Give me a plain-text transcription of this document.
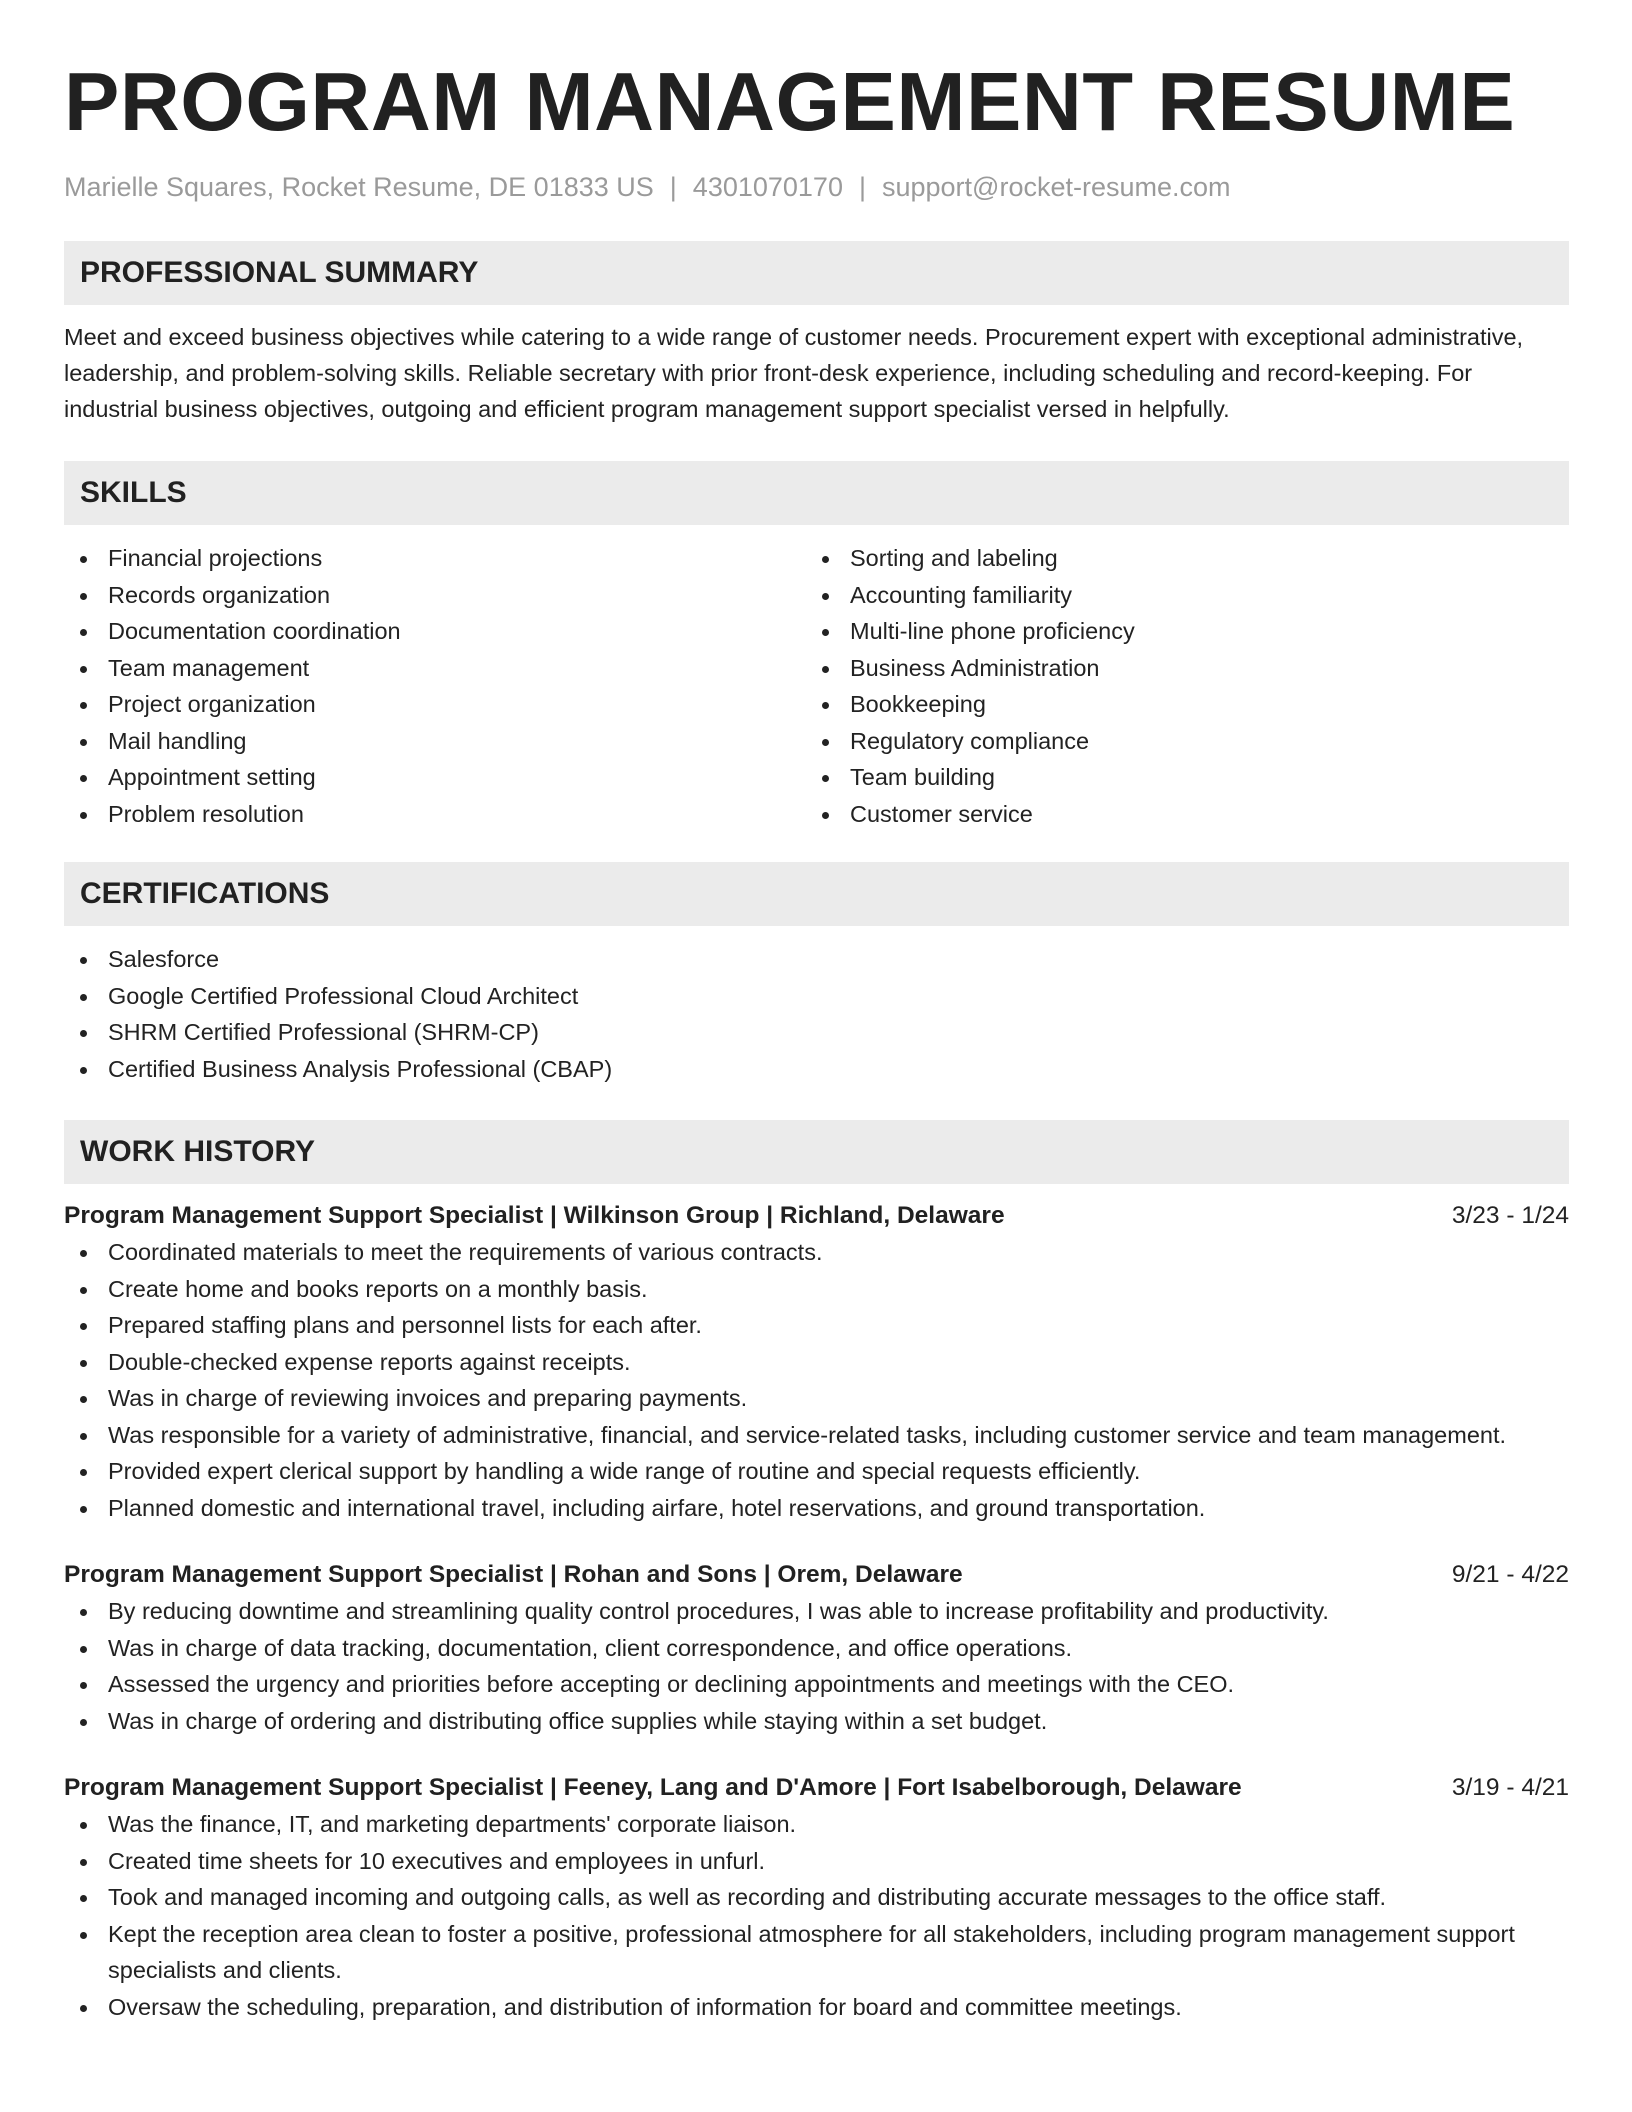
PROGRAM MANAGEMENT RESUME
Marielle Squares, Rocket Resume, DE 01833 US | 4301070170 | support@rocket-resume.com
PROFESSIONAL SUMMARY

Meet and exceed business objectives while catering to a wide range of customer needs. Procurement expert with exceptional administrative, leadership, and problem-solving skills. Reliable secretary with prior front-desk experience, including scheduling and record-keeping. For industrial business objectives, outgoing and efficient program management support specialist versed in helpfully.

SKILLS
Financial projections
Records organization
Documentation coordination
Team management
Project organization
Mail handling
Appointment setting
Problem resolution
Sorting and labeling
Accounting familiarity
Multi-line phone proficiency
Business Administration
Bookkeeping
Regulatory compliance
Team building
Customer service
CERTIFICATIONS
Salesforce
Google Certified Professional Cloud Architect
SHRM Certified Professional (SHRM-CP)
Certified Business Analysis Professional (CBAP)
WORK HISTORY
Program Management Support Specialist | Wilkinson Group | Richland, Delaware	3/23 - 1/24
Coordinated materials to meet the requirements of various contracts.
Create home and books reports on a monthly basis.
Prepared staffing plans and personnel lists for each after.
Double-checked expense reports against receipts.
Was in charge of reviewing invoices and preparing payments.
Was responsible for a variety of administrative, financial, and service-related tasks, including customer service and team management.
Provided expert clerical support by handling a wide range of routine and special requests efficiently.
Planned domestic and international travel, including airfare, hotel reservations, and ground transportation.
Program Management Support Specialist | Rohan and Sons | Orem, Delaware	9/21 - 4/22
By reducing downtime and streamlining quality control procedures, I was able to increase profitability and productivity.
Was in charge of data tracking, documentation, client correspondence, and office operations.
Assessed the urgency and priorities before accepting or declining appointments and meetings with the CEO.
Was in charge of ordering and distributing office supplies while staying within a set budget.
Program Management Support Specialist | Feeney, Lang and D'Amore | Fort Isabelborough, Delaware	3/19 - 4/21
Was the finance, IT, and marketing departments' corporate liaison.
Created time sheets for 10 executives and employees in unfurl.
Took and managed incoming and outgoing calls, as well as recording and distributing accurate messages to the office staff.
Kept the reception area clean to foster a positive, professional atmosphere for all stakeholders, including program management support specialists and clients.
Oversaw the scheduling, preparation, and distribution of information for board and committee meetings.
